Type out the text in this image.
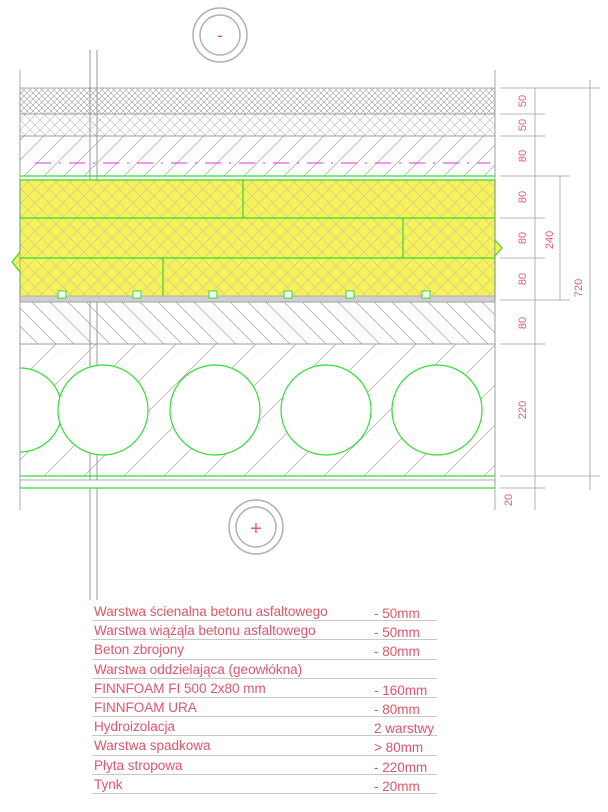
-
50
50
80
80
80
80
80
220
20
240
720
+
Warstwa ścienalna betonu asfaltowego	- 50mm
Warstwa wiążąla betonu asfaltowego	- 50mm
Beton zbrojony	- 80mm
Warstwa oddzielająca (geowłókna)
FINNFOAM FI 500 2x80 mm	- 160mm
FINNFOAM URA	- 80mm
Hydroizolacja	2 warstwy
Warstwa spadkowa	> 80mm
Płyta stropowa	- 220mm
Tynk	- 20mm
